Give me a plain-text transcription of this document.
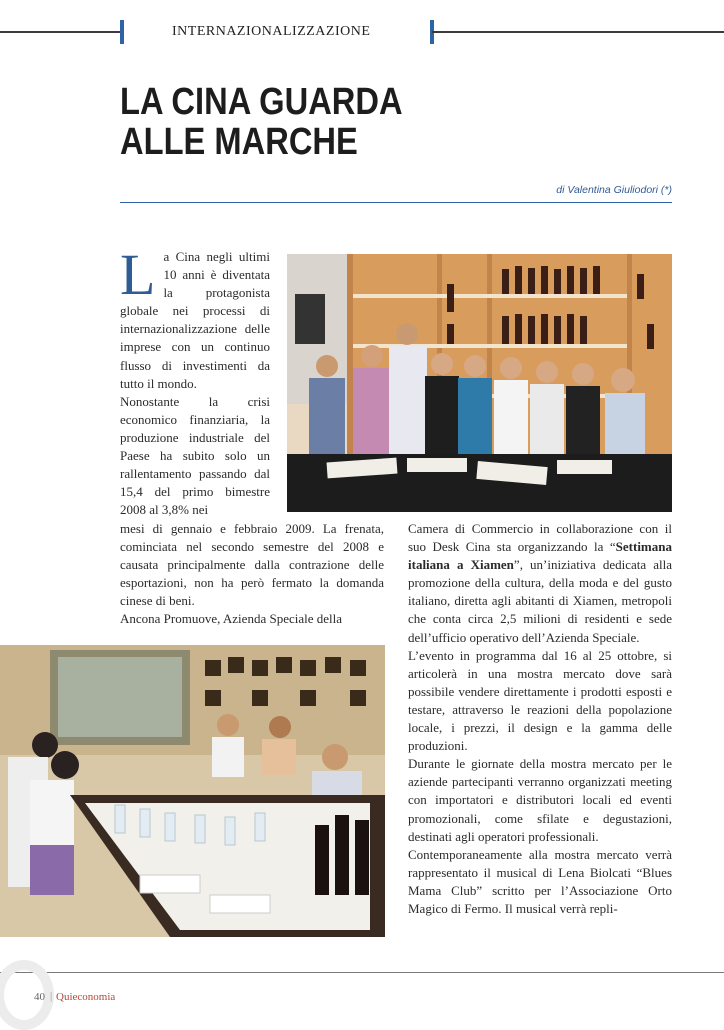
INTERNAZIONALIZZAZIONE
LA CINA GUARDA
ALLE MARCHE
di Valentina Giuliodori (*)
L a Cina negli ultimi 10 anni è diventata la protagonista globale nei processi di internazionalizzazione delle imprese con un continuo flusso di investimenti da tutto il mondo.

Nonostante la crisi economico finanziaria, la produzione industriale del Paese ha subito solo un rallentamento passando dal 15,4 del primo bimestre 2008 al 3,8% nei

mesi di gennaio e febbraio 2009. La frenata, cominciata nel secondo semestre del 2008 e causata principalmente dalla contrazione delle esportazioni, non ha però fermato la domanda cinese di beni.

Ancona Promuove, Azienda Speciale della

Camera di Commercio in collaborazione con il suo Desk Cina sta organizzando la “Settimana italiana a Xiamen”, un’iniziativa dedicata alla promozione della cultura, della moda e del gusto italiano, diretta agli abitanti di Xiamen, metropoli che conta circa 2,5 milioni di residenti e sede dell’ufficio operativo dell’Azienda Speciale.

L’evento in programma dal 16 al 25 ottobre, si articolerà in una mostra mercato dove sarà possibile vendere direttamente i prodotti esposti e testare, attraverso le reazioni della popolazione locale, i prezzi, il design e la gamma delle produzioni.

Durante le giornate della mostra mercato per le aziende partecipanti verranno organizzati meeting con importatori e distributori locali ed eventi promozionali, come sfilate e degustazioni, destinati agli operatori professionali.

Contemporaneamente alla mostra mercato verrà rappresentato il musical di Lena Biolcati “Blues Mama Club” scritto per l’Associazione Orto Magico di Fermo. Il musical verrà repli-

40 | Quieconomia
